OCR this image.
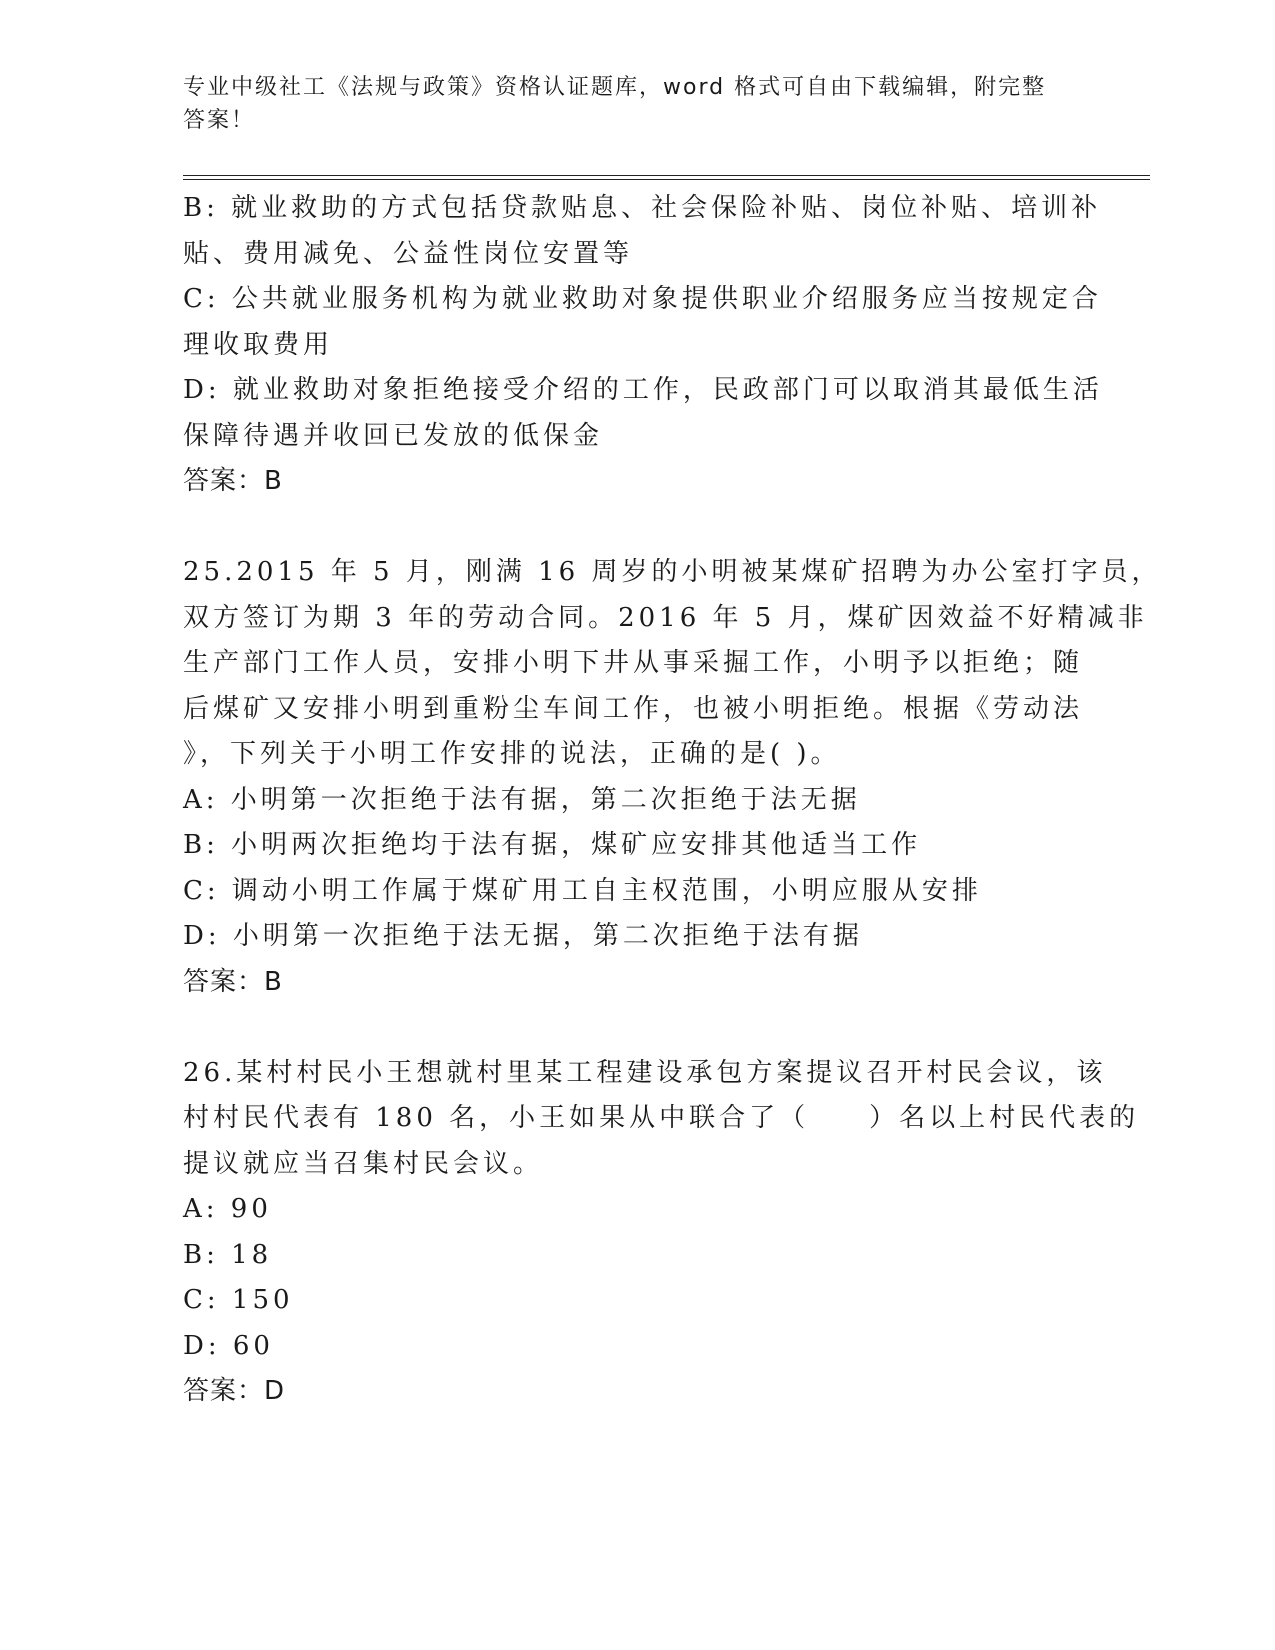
专业中级社工《法规与政策》资格认证题库，word 格式可自由下载编辑，附完整
答案！

B: 就业救助的方式包括贷款贴息、社会保险补贴、岗位补贴、培训补

贴、费用减免、公益性岗位安置等

C: 公共就业服务机构为就业救助对象提供职业介绍服务应当按规定合

理收取费用

D: 就业救助对象拒绝接受介绍的工作，民政部门可以取消其最低生活

保障待遇并收回已发放的低保金

答案：B

25.2015 年 5 月，刚满 16 周岁的小明被某煤矿招聘为办公室打字员，

双方签订为期 3 年的劳动合同。2016 年 5 月，煤矿因效益不好精减非

生产部门工作人员，安排小明下井从事采掘工作，小明予以拒绝；随

后煤矿又安排小明到重粉尘车间工作，也被小明拒绝。根据《劳动法

》，下列关于小明工作安排的说法，正确的是( )。

A: 小明第一次拒绝于法有据，第二次拒绝于法无据

B: 小明两次拒绝均于法有据，煤矿应安排其他适当工作

C: 调动小明工作属于煤矿用工自主权范围，小明应服从安排

D: 小明第一次拒绝于法无据，第二次拒绝于法有据

答案：B

26.某村村民小王想就村里某工程建设承包方案提议召开村民会议，该

村村民代表有 180 名，小王如果从中联合了（　　）名以上村民代表的

提议就应当召集村民会议。

A: 90

B: 18

C: 150

D: 60

答案：D
